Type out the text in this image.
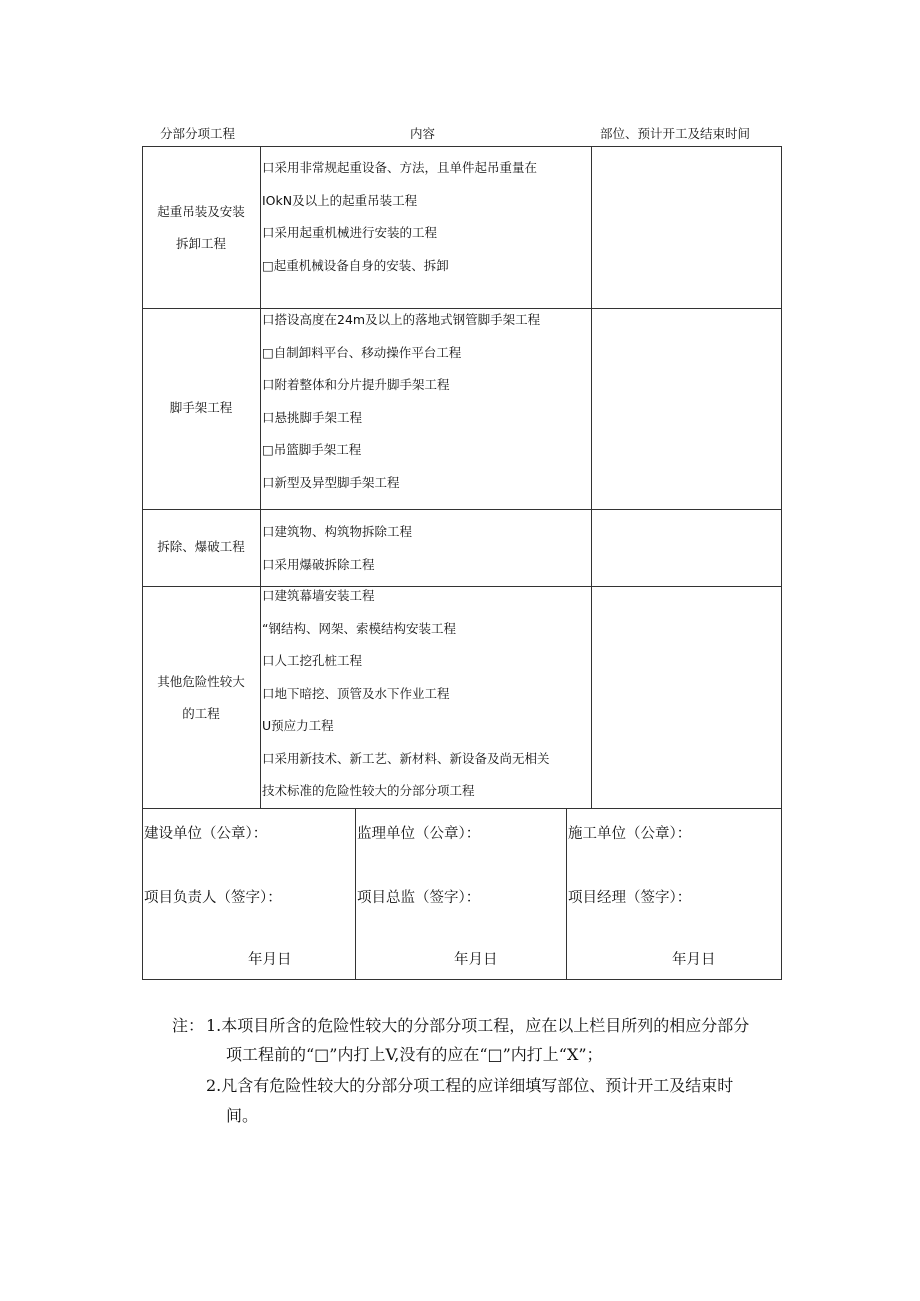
分部分项工程	内容	部位、预计开工及结束时间
起重吊装及安装
拆卸工程
口采用非常规起重设备、方法，且单件起吊重量在
IOkN及以上的起重吊装工程
口采用起重机械进行安装的工程
□起重机械设备自身的安装、拆卸
脚手架工程
口搭设高度在24m及以上的落地式钢管脚手架工程
□自制卸料平台、移动操作平台工程
口附着整体和分片提升脚手架工程
口悬挑脚手架工程
□吊篮脚手架工程
口新型及异型脚手架工程
拆除、爆破工程
口建筑物、构筑物拆除工程
口采用爆破拆除工程
其他危险性较大
的工程
口建筑幕墙安装工程
“钢结构、网架、索模结构安装工程
口人工挖孔桩工程
口地下暗挖、顶管及水下作业工程
U预应力工程
口采用新技术、新工艺、新材料、新设备及尚无相关
技术标准的危险性较大的分部分项工程
建设单位（公章）：
项目负责人（签字）：
年月日
监理单位（公章）：
项目总监（签字）：
年月日
施工单位（公章）：
项目经理（签字）：
年月日
注： 1.本项目所含的危险性较大的分部分项工程，应在以上栏目所列的相应分部分
项工程前的“□”内打上V,没有的应在“□”内打上“X”；
2.凡含有危险性较大的分部分项工程的应详细填写部位、预计开工及结束时
间。
